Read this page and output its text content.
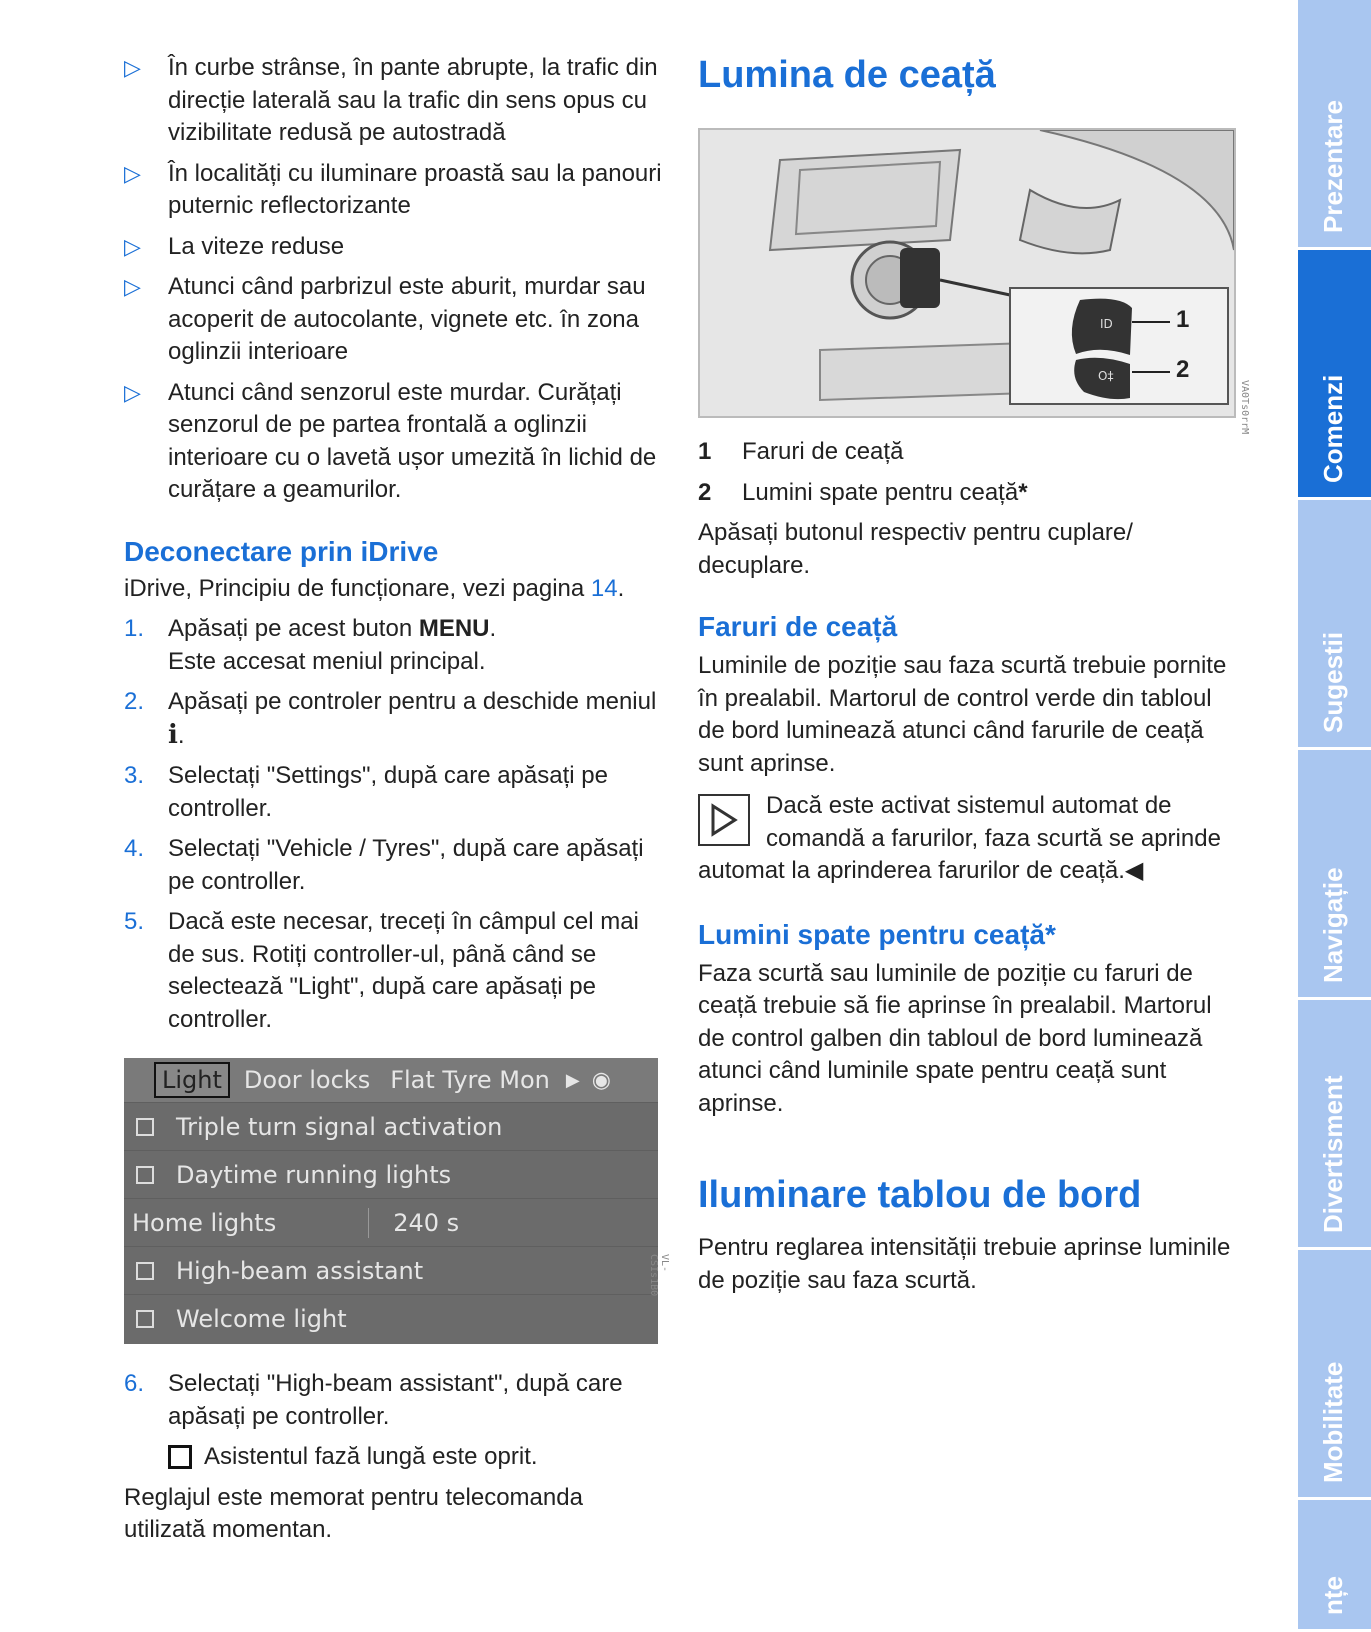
▷	În curbe strânse, în pante abrupte, la trafic din direcție laterală sau la trafic din sens opus cu vizibilitate redusă pe autostradă

▷	În localități cu iluminare proastă sau la panouri puternic reflectorizante

▷	La viteze reduse

▷	Atunci când parbrizul este aburit, murdar sau acoperit de autocolante, vignete etc. în zona oglinzii interioare

▷	Atunci când senzorul este murdar. Curățați senzorul de pe partea frontală a oglinzii interioare cu o lavetă ușor umezită în lichid de curățare a geamurilor.

Deconectare prin iDrive

iDrive, Principiu de funcționare, vezi pagina 14.

1. Apăsați pe acest buton MENU.
Este accesat meniul principal.

2. Apăsați pe controler pentru a deschide meniul i.

3. Selectați "Settings", după care apăsați pe controller.

4. Selectați "Vehicle / Tyres", după care apăsați pe controller.

5. Dacă este necesar, treceți în câmpul cel mai de sus. Rotiți controller-ul, până când se selectează "Light", după care apăsați pe controller.

Light Door locks Flat Tyre Mon ▶ ◉
Triple turn signal activation
Daytime running lights
Home lights	240 s
High-beam assistant
Welcome light
VL-CSIs1B0
6. Selectați "High-beam assistant", după care apăsați pe controller.

Asistentul fază lungă este oprit.

Reglajul este memorat pentru telecomanda utilizată momentan.

Lumina de ceață
ID
O‡
1
2
VA0Ts0rrM
1	Faruri de ceață
2	Lumini spate pentru ceață*

Apăsați butonul respectiv pentru cuplare/ decuplare.

Faruri de ceață

Luminile de poziție sau faza scurtă trebuie pornite în prealabil. Martorul de control verde din tabloul de bord luminează atunci când farurile de ceață sunt aprinse.

Dacă este activat sistemul automat de comandă a farurilor, faza scurtă se aprinde automat la aprinderea farurilor de ceață.◀

Lumini spate pentru ceață*

Faza scurtă sau luminile de poziție cu faruri de ceață trebuie să fie aprinse în prealabil. Martorul de control galben din tabloul de bord luminează atunci când luminile spate pentru ceață sunt aprinse.

Iluminare tablou de bord

Pentru reglarea intensității trebuie aprinse luminile de poziție sau faza scurtă.

Prezentare
Comenzi
Sugestii
Navigație
Divertisment
Mobilitate
nțe
